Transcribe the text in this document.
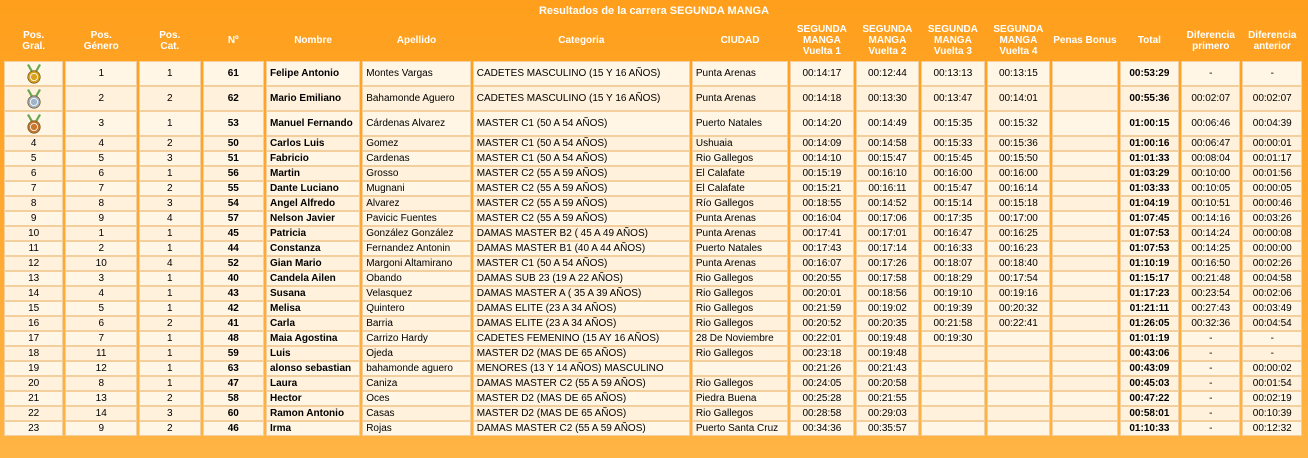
Resultados de la carrera SEGUNDA MANGA
Pos.
Gral.	Pos.
Género	Pos.
Cat.	Nº	Nombre	Apellido	Categoria	CIUDAD	SEGUNDA
MANGA
Vuelta 1	SEGUNDA
MANGA
Vuelta 2	SEGUNDA
MANGA
Vuelta 3	SEGUNDA
MANGA
Vuelta 4	Penas Bonus	Total	Diferencia
primero	Diferencia
anterior
	1	1	61	Felipe Antonio	Montes Vargas	CADETES MASCULINO (15 Y 16 AÑOS)	Punta Arenas	00:14:17	00:12:44	00:13:13	00:13:15		00:53:29	-	-
	2	2	62	Mario Emiliano	Bahamonde Aguero	CADETES MASCULINO (15 Y 16 AÑOS)	Punta Arenas	00:14:18	00:13:30	00:13:47	00:14:01		00:55:36	00:02:07	00:02:07
	3	1	53	Manuel Fernando	Cárdenas Alvarez	MASTER C1 (50 A 54 AÑOS)	Puerto Natales	00:14:20	00:14:49	00:15:35	00:15:32		01:00:15	00:06:46	00:04:39
4	4	2	50	Carlos Luis	Gomez	MASTER C1 (50 A 54 AÑOS)	Ushuaia	00:14:09	00:14:58	00:15:33	00:15:36		01:00:16	00:06:47	00:00:01
5	5	3	51	Fabricio	Cardenas	MASTER C1 (50 A 54 AÑOS)	Rio Gallegos	00:14:10	00:15:47	00:15:45	00:15:50		01:01:33	00:08:04	00:01:17
6	6	1	56	Martin	Grosso	MASTER C2 (55 A 59 AÑOS)	El Calafate	00:15:19	00:16:10	00:16:00	00:16:00		01:03:29	00:10:00	00:01:56
7	7	2	55	Dante Luciano	Mugnani	MASTER C2 (55 A 59 AÑOS)	El Calafate	00:15:21	00:16:11	00:15:47	00:16:14		01:03:33	00:10:05	00:00:05
8	8	3	54	Angel Alfredo	Alvarez	MASTER C2 (55 A 59 AÑOS)	Río Gallegos	00:18:55	00:14:52	00:15:14	00:15:18		01:04:19	00:10:51	00:00:46
9	9	4	57	Nelson Javier	Pavicic Fuentes	MASTER C2 (55 A 59 AÑOS)	Punta Arenas	00:16:04	00:17:06	00:17:35	00:17:00		01:07:45	00:14:16	00:03:26
10	1	1	45	Patricia	González González	DAMAS MASTER B2 ( 45 A 49 AÑOS)	Punta Arenas	00:17:41	00:17:01	00:16:47	00:16:25		01:07:53	00:14:24	00:00:08
11	2	1	44	Constanza	Fernandez Antonin	DAMAS MASTER B1 (40 A 44 AÑOS)	Puerto Natales	00:17:43	00:17:14	00:16:33	00:16:23		01:07:53	00:14:25	00:00:00
12	10	4	52	Gian Mario	Margoni Altamirano	MASTER C1 (50 A 54 AÑOS)	Punta Arenas	00:16:07	00:17:26	00:18:07	00:18:40		01:10:19	00:16:50	00:02:26
13	3	1	40	Candela Ailen	Obando	DAMAS SUB 23 (19 A 22 AÑOS)	Rio Gallegos	00:20:55	00:17:58	00:18:29	00:17:54		01:15:17	00:21:48	00:04:58
14	4	1	43	Susana	Velasquez	DAMAS MASTER A ( 35 A 39 AÑOS)	Rio Gallegos	00:20:01	00:18:56	00:19:10	00:19:16		01:17:23	00:23:54	00:02:06
15	5	1	42	Melisa	Quintero	DAMAS ELITE (23 A 34 AÑOS)	Rio Gallegos	00:21:59	00:19:02	00:19:39	00:20:32		01:21:11	00:27:43	00:03:49
16	6	2	41	Carla	Barria	DAMAS ELITE (23 A 34 AÑOS)	Rio Gallegos	00:20:52	00:20:35	00:21:58	00:22:41		01:26:05	00:32:36	00:04:54
17	7	1	48	Maia Agostina	Carrizo Hardy	CADETES FEMENINO (15 AY 16 AÑOS)	28 De Noviembre	00:22:01	00:19:48	00:19:30			01:01:19	-	-
18	11	1	59	Luis	Ojeda	MASTER D2 (MAS DE 65 AÑOS)	Rio Gallegos	00:23:18	00:19:48				00:43:06	-	-
19	12	1	63	alonso sebastian	bahamonde aguero	MENORES (13 Y 14 AÑOS) MASCULINO		00:21:26	00:21:43				00:43:09	-	00:00:02
20	8	1	47	Laura	Caniza	DAMAS MASTER C2 (55 A 59 AÑOS)	Rio Gallegos	00:24:05	00:20:58				00:45:03	-	00:01:54
21	13	2	58	Hector	Oces	MASTER D2 (MAS DE 65 AÑOS)	Piedra Buena	00:25:28	00:21:55				00:47:22	-	00:02:19
22	14	3	60	Ramon Antonio	Casas	MASTER D2 (MAS DE 65 AÑOS)	Rio Gallegos	00:28:58	00:29:03				00:58:01	-	00:10:39
23	9	2	46	Irma	Rojas	DAMAS MASTER C2 (55 A 59 AÑOS)	Puerto Santa Cruz	00:34:36	00:35:57				01:10:33	-	00:12:32
